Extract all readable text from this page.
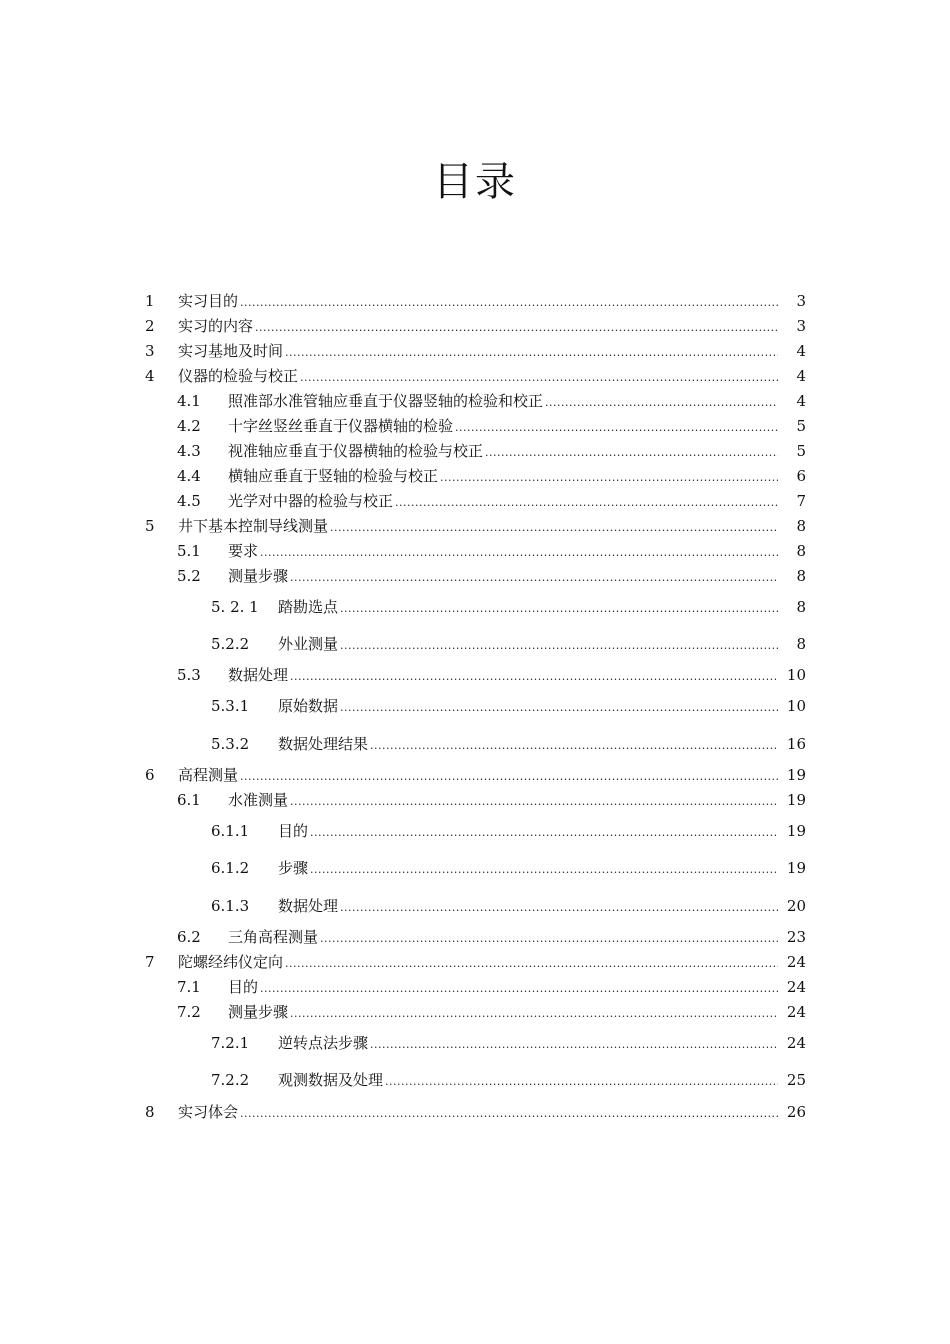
目录
1 实习目的 .....	3
2 实习的内容 .....	3
3 实习基地及时间 .....	4
4 仪器的检验与校正 .....	4
4.1 照准部水准管轴应垂直于仪器竖轴的检验和校正 .....	4
4.2 十字丝竖丝垂直于仪器横轴的检验 .....	5
4.3 视准轴应垂直于仪器横轴的检验与校正 .....	5
4.4 横轴应垂直于竖轴的检验与校正 .....	6
4.5 光学对中器的检验与校正 .....	7
5 井下基本控制导线测量 .....	8
5.1 要求 .....	8
5.2 测量步骤 .....	8
5. 2. 1 踏勘选点 .....	8
5.2.2 外业测量 .....	8
5.3 数据处理 .....	10
5.3.1 原始数据 .....	10
5.3.2 数据处理结果 .....	16
6 高程测量 .....	19
6.1 水准测量 .....	19
6.1.1 目的 .....	19
6.1.2 步骤 .....	19
6.1.3 数据处理 .....	20
6.2 三角高程测量 .....	23
7 陀螺经纬仪定向 .....	24
7.1 目的 .....	24
7.2 测量步骤 .....	24
7.2.1 逆转点法步骤 .....	24
7.2.2 观测数据及处理 .....	25
8 实习体会 .....	26
